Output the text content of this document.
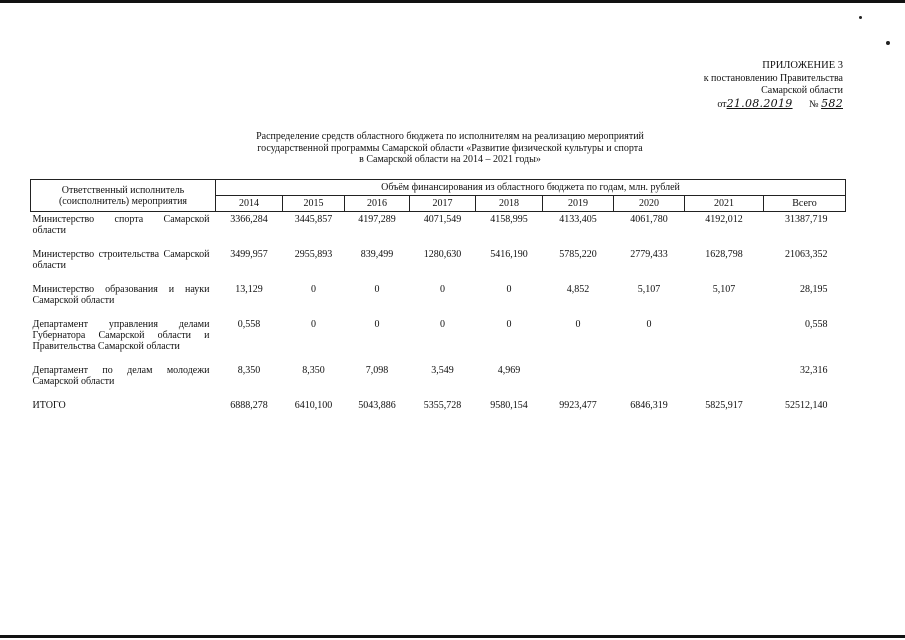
ПРИЛОЖЕНИЕ 3
к постановлению Правительства
Самарской области
от21.08.2019 № 582
Распределение средств областного бюджета по исполнителям на реализацию мероприятий
государственной программы Самарской области «Развитие физической культуры и спорта
в Самарской области на 2014 – 2021 годы»
Ответственный исполнитель (соисполнитель) мероприятия	Объём финансирования из областного бюджета по годам, млн. рублей								
	2014	2015	2016	2017	2018	2019	2020	2021	Всего
Министерство спорта Самарской области	3366,284	3445,857	4197,289	4071,549	4158,995	4133,405	4061,780	4192,012	31387,719
Министерство строительства Самарской области	3499,957	2955,893	839,499	1280,630	5416,190	5785,220	2779,433	1628,798	21063,352
Министерство образования и науки Самарской области	13,129	0	0	0	0	4,852	5,107	5,107	28,195
Департамент управления делами Губернатора Самарской области и Правительства Самарской области	0,558	0	0	0	0	0	0		0,558
Департамент по делам молодежи Самарской области	8,350	8,350	7,098	3,549	4,969				32,316
ИТОГО	6888,278	6410,100	5043,886	5355,728	9580,154	9923,477	6846,319	5825,917	52512,140
